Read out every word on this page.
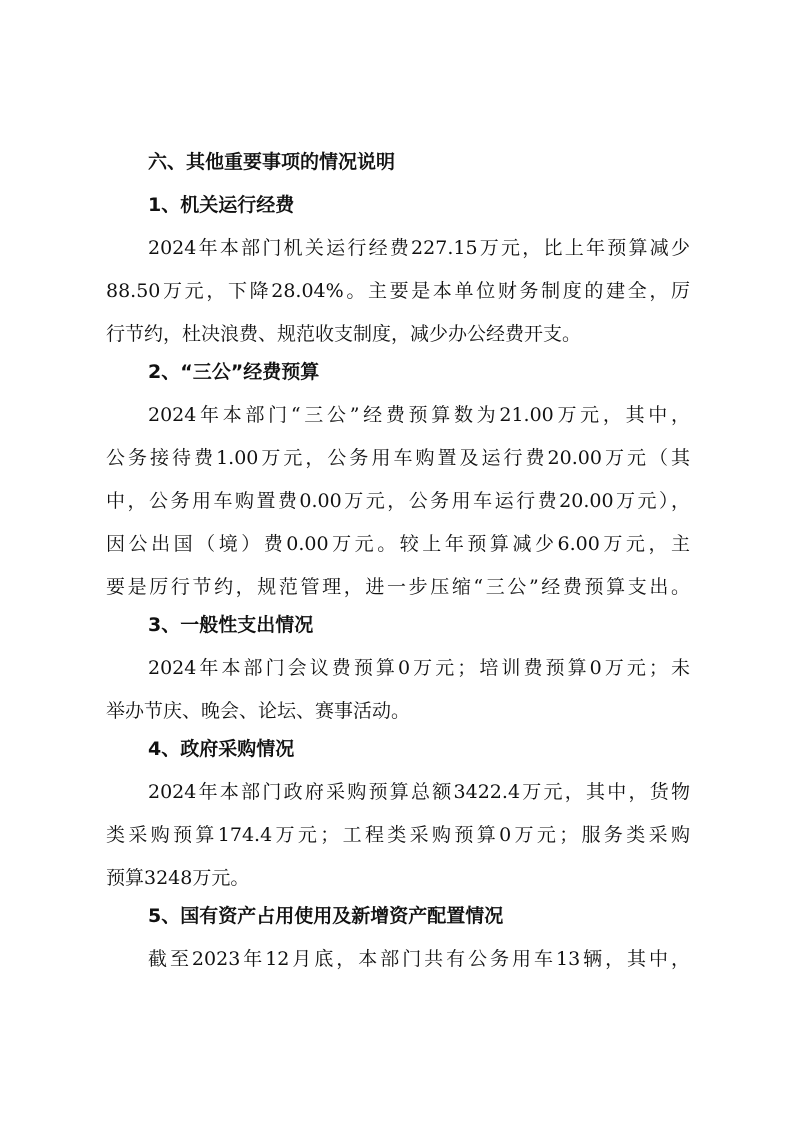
六、其他重要事项的情况说明
1、机关运行经费
2024年本部门机关运行经费227.15万元，比上年预算减少
88.50万元，下降28.04%。主要是本单位财务制度的建全，厉
行节约，杜决浪费、规范收支制度，减少办公经费开支。
2、“三公”经费预算
2024年本部门“三公”经费预算数为21.00万元，其中，
公务接待费1.00万元，公务用车购置及运行费20.00万元（其
中，公务用车购置费0.00万元，公务用车运行费20.00万元），
因公出国（境）费0.00万元。较上年预算减少6.00万元，主
要是厉行节约，规范管理，进一步压缩“三公”经费预算支出。
3、一般性支出情况
2024年本部门会议费预算0万元；培训费预算0万元；未
举办节庆、晚会、论坛、赛事活动。
4、政府采购情况
2024年本部门政府采购预算总额3422.4万元，其中，货物
类采购预算174.4万元；工程类采购预算0万元；服务类采购
预算3248万元。
5、国有资产占用使用及新增资产配置情况
截至2023年12月底，本部门共有公务用车13辆，其中，
